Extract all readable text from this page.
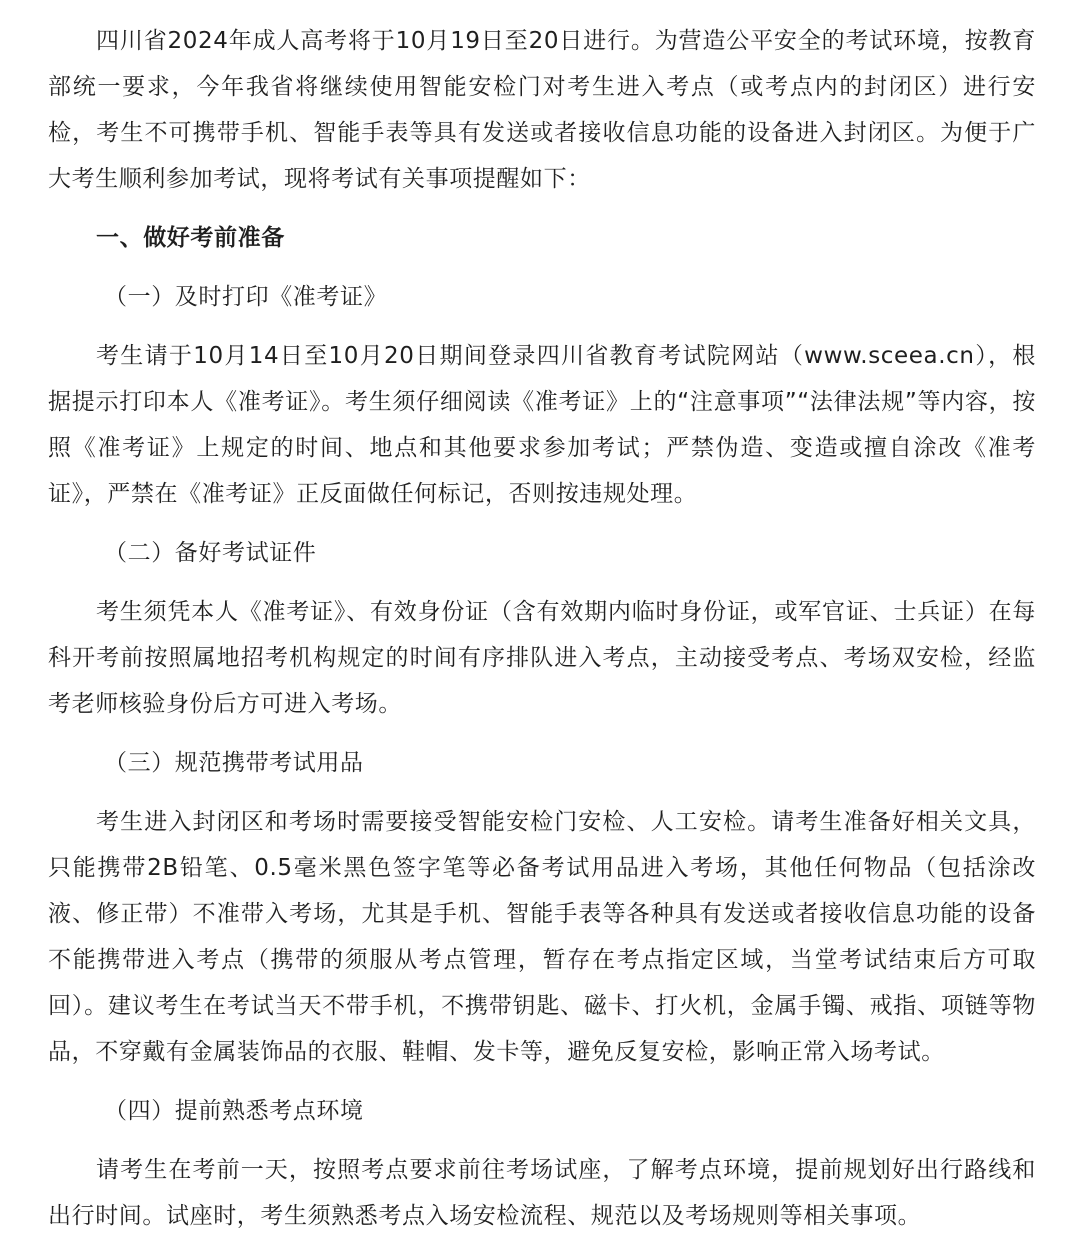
四川省2024年成人高考将于10月19日至20日进行。为营造公平安全的考试环境，按教育部统一要求，今年我省将继续使用智能安检门对考生进入考点（或考点内的封闭区）进行安检，考生不可携带手机、智能手表等具有发送或者接收信息功能的设备进入封闭区。为便于广大考生顺利参加考试，现将考试有关事项提醒如下：

一、做好考前准备

（一）及时打印《准考证》

考生请于10月14日至10月20日期间登录四川省教育考试院网站（www.sceea.cn），根据提示打印本人《准考证》。考生须仔细阅读《准考证》上的“注意事项”“法律法规”等内容，按照《准考证》上规定的时间、地点和其他要求参加考试；严禁伪造、变造或擅自涂改《准考证》，严禁在《准考证》正反面做任何标记，否则按违规处理。

（二）备好考试证件

考生须凭本人《准考证》、有效身份证（含有效期内临时身份证，或军官证、士兵证）在每科开考前按照属地招考机构规定的时间有序排队进入考点，主动接受考点、考场双安检，经监考老师核验身份后方可进入考场。

（三）规范携带考试用品

考生进入封闭区和考场时需要接受智能安检门安检、人工安检。请考生准备好相关文具，只能携带2B铅笔、0.5毫米黑色签字笔等必备考试用品进入考场，其他任何物品（包括涂改液、修正带）不准带入考场，尤其是手机、智能手表等各种具有发送或者接收信息功能的设备不能携带进入考点（携带的须服从考点管理，暂存在考点指定区域，当堂考试结束后方可取回）。建议考生在考试当天不带手机，不携带钥匙、磁卡、打火机，金属手镯、戒指、项链等物品，不穿戴有金属装饰品的衣服、鞋帽、发卡等，避免反复安检，影响正常入场考试。

（四）提前熟悉考点环境

请考生在考前一天，按照考点要求前往考场试座，了解考点环境，提前规划好出行路线和出行时间。试座时，考生须熟悉考点入场安检流程、规范以及考场规则等相关事项。
